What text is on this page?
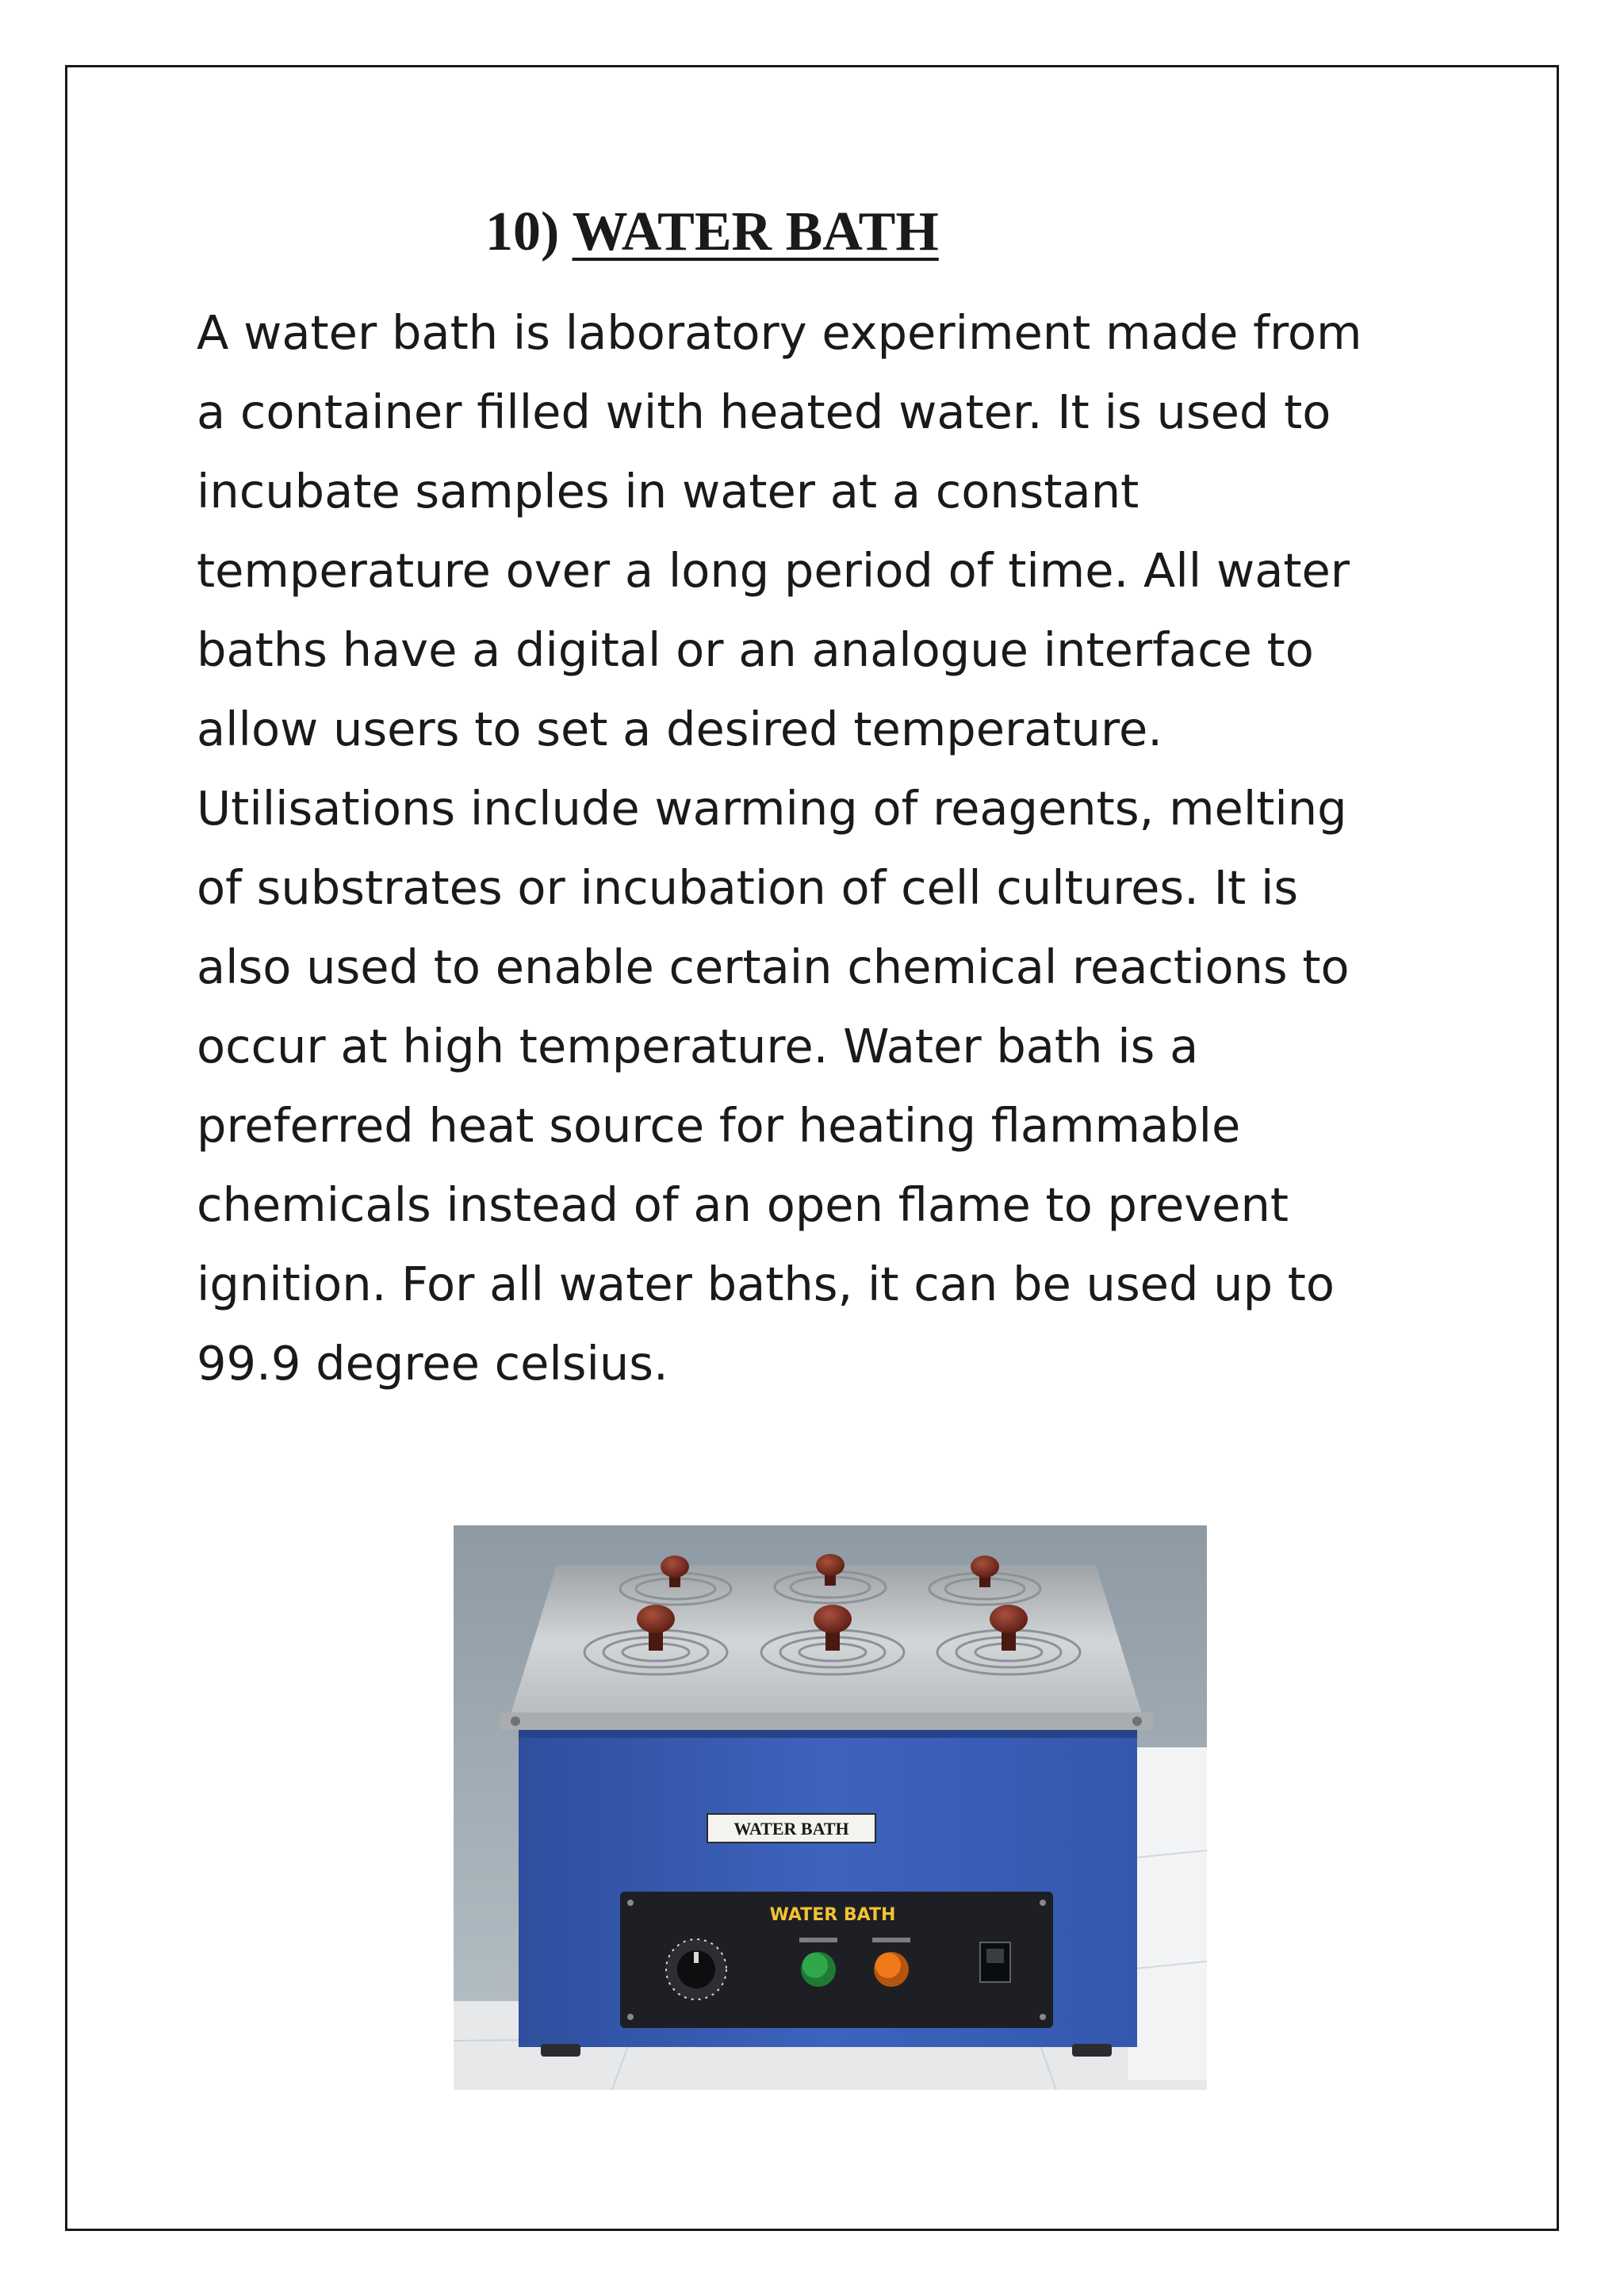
10) WATER BATH
A water bath is laboratory experiment made from
a container filled with heated water. It is used to
incubate samples in water at a constant
temperature over a long period of time. All water
baths have a digital or an analogue interface to
allow users to set a desired temperature.
Utilisations include warming of reagents, melting
of substrates or incubation of cell cultures. It is
also used to enable certain chemical reactions to
occur at high temperature. Water bath is a
preferred heat source for heating flammable
chemicals instead of an open flame to prevent
ignition. For all water baths, it can be used up to
99.9 degree celsius.
WATER BATH
WATER BATH
